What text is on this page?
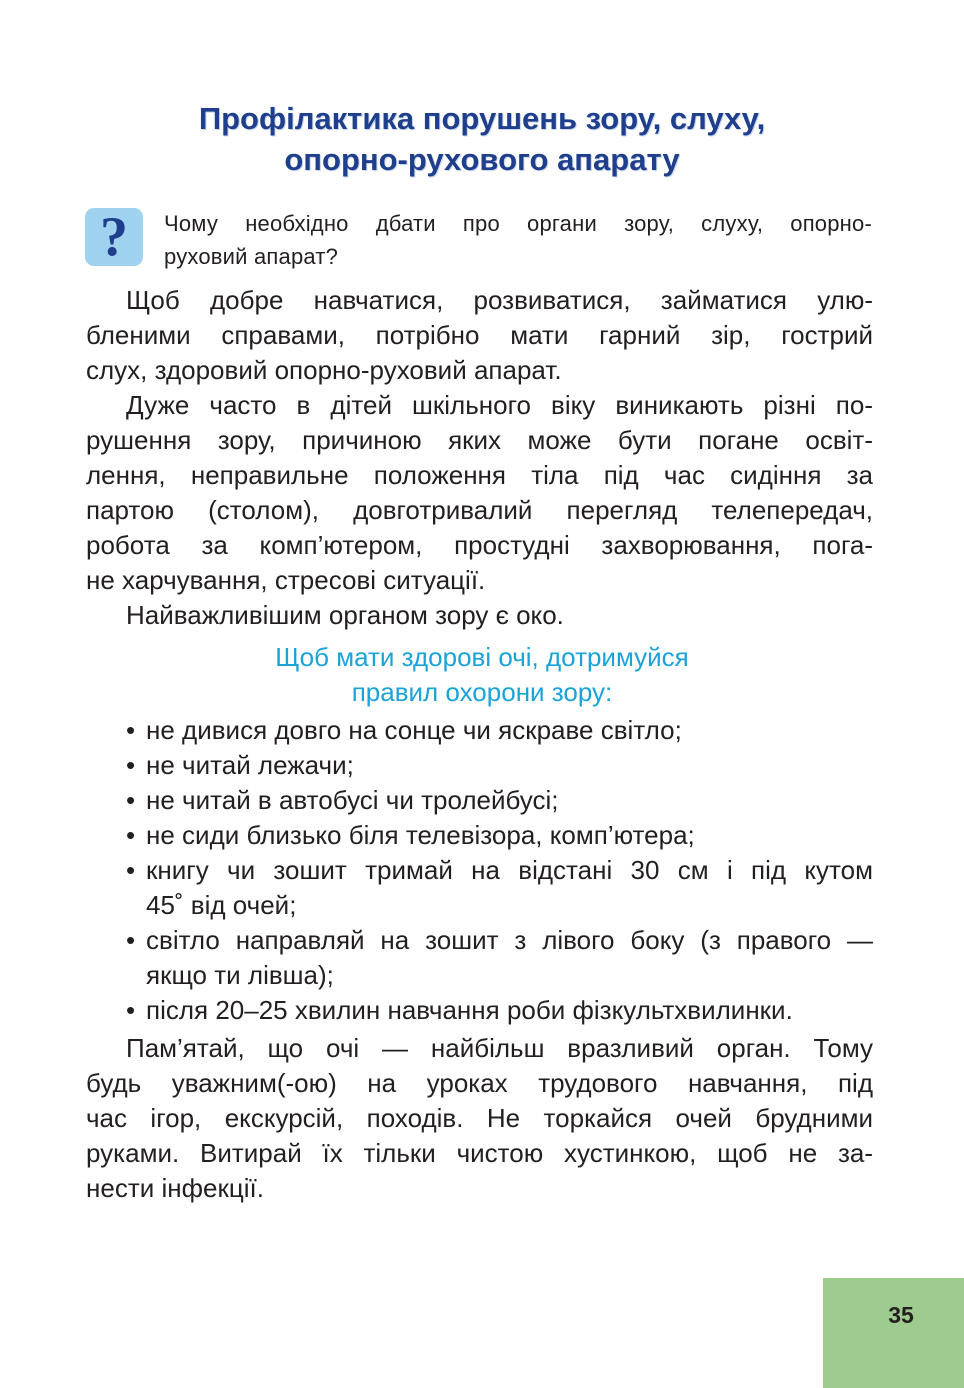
Профілактика порушень зору, слуху,
опорно-рухового апарату
? Чому необхідно дбати про органи зору, слуху, опорно-
руховий апарат?
Щоб добре навчатися, розвиватися, займатися улю-
бленими справами, потрібно мати гарний зір, гострий
слух, здоровий опорно-руховий апарат.
Дуже часто в дітей шкільного віку виникають різні по-
рушення зору, причиною яких може бути погане освіт-
лення, неправильне положення тіла під час сидіння за
партою (столом), довготривалий перегляд телепередач,
робота за комп’ютером, простудні захворювання, пога-
не харчування, стресові ситуації.
Найважливішим органом зору є око.
Щоб мати здорові очі, дотримуйся
правил охорони зору:
• не дивися довго на сонце чи яскраве світло;
• не читай лежачи;
• не читай в автобусі чи тролейбусі;
• не сиди близько біля телевізора, комп’ютера;
• книгу чи зошит тримай на відстані 30 см і під кутом
45˚ від очей;
• світло направляй на зошит з лівого боку (з правого —
якщо ти лівша);
• після 20–25 хвилин навчання роби фізкультхвилинки.
Пам’ятай, що очі — найбільш вразливий орган. Тому
будь уважним(-ою) на уроках трудового навчання, під
час ігор, екскурсій, походів. Не торкайся очей брудними
руками. Витирай їх тільки чистою хустинкою, щоб не за-
нести інфекції.
35
